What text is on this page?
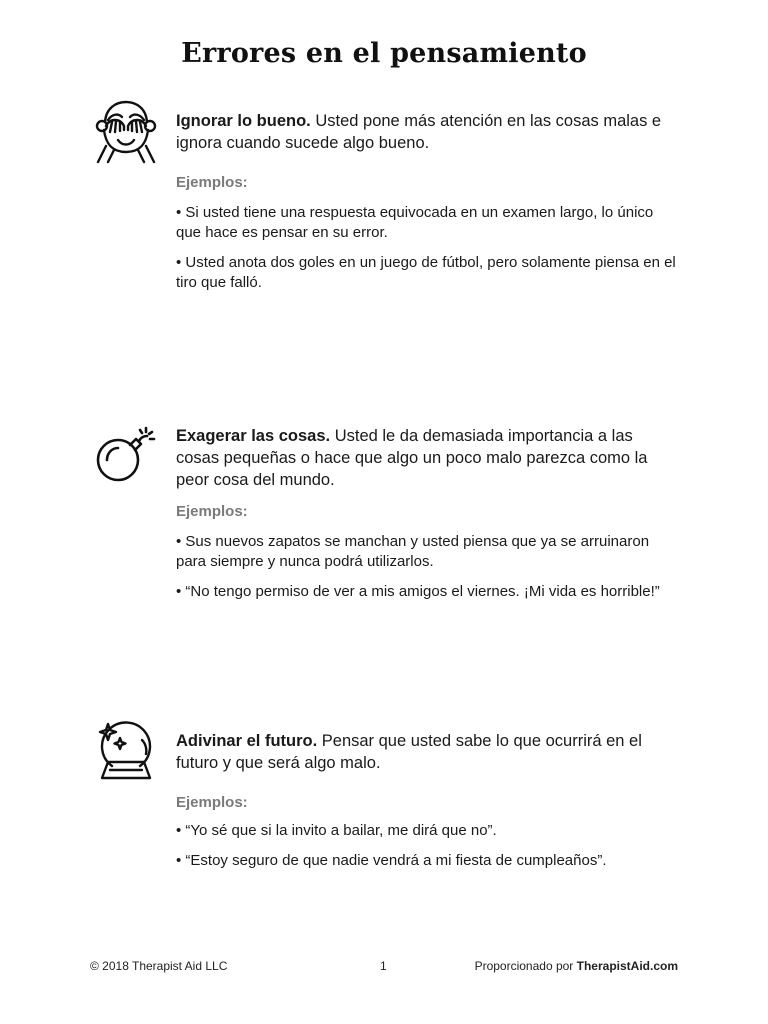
Errores en el pensamiento

Ignorar lo bueno. Usted pone más atención en las cosas malas e ignora cuando sucede algo bueno.

Ejemplos:

• Si usted tiene una respuesta equivocada en un examen largo, lo único que hace es pensar en su error.

• Usted anota dos goles en un juego de fútbol, pero solamente piensa en el tiro que falló.

Exagerar las cosas. Usted le da demasiada importancia a las cosas pequeñas o hace que algo un poco malo parezca como la peor cosa del mundo.

Ejemplos:

• Sus nuevos zapatos se manchan y usted piensa que ya se arruinaron para siempre y nunca podrá utilizarlos.

• “No tengo permiso de ver a mis amigos el viernes. ¡Mi vida es horrible!”

Adivinar el futuro. Pensar que usted sabe lo que ocurrirá en el futuro y que será algo malo.

Ejemplos:

• “Yo sé que si la invito a bailar, me dirá que no”.

• “Estoy seguro de que nadie vendrá a mi fiesta de cumpleaños”.

© 2018 Therapist Aid LLC	1	Proporcionado por TherapistAid.com
